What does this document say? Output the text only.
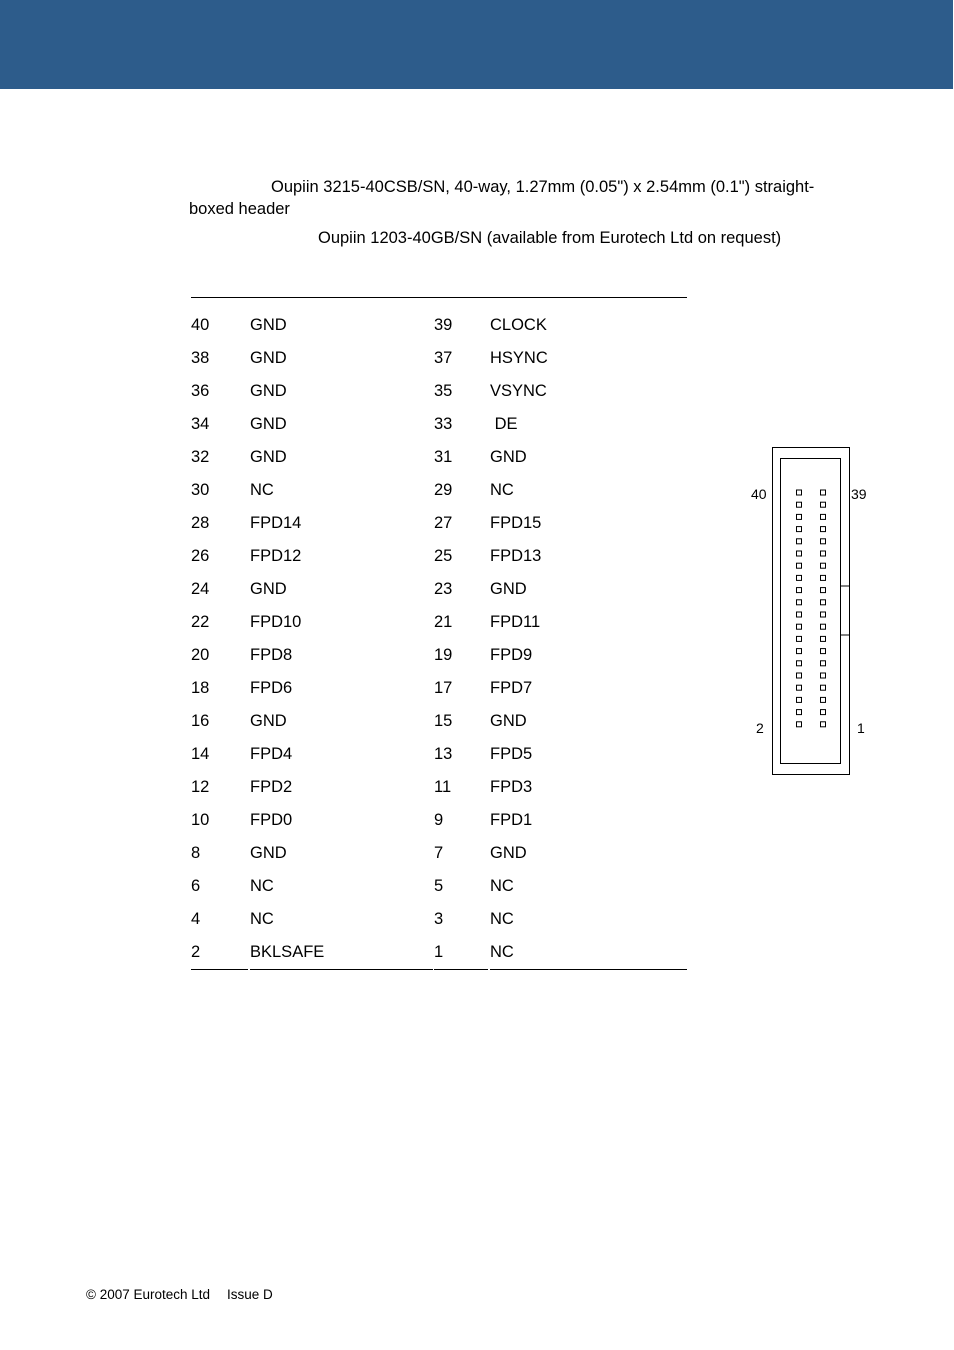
Oupiin 3215-40CSB/SN, 40-way, 1.27mm (0.05") x 2.54mm (0.1") straight-
boxed header
Oupiin 1203-40GB/SN (available from Eurotech Ltd on request)
40 GND	39 CLOCK
38 GND	37 HSYNC
36 GND	35 VSYNC
34 GND	33 DE
32 GND	31 GND
30 NC	29 NC
28 FPD14	27 FPD15
26 FPD12	25 FPD13
24 GND	23 GND
22 FPD10	21 FPD11
20 FPD8	19 FPD9
18 FPD6	17 FPD7
16 GND	15 GND
14 FPD4	13 FPD5
12 FPD2	11 FPD3
10 FPD0	9	FPD1
8	GND	7	GND
6	NC	5	NC
4	NC	3	NC
2	BKLSAFE	1	NC
40	39
2	1
© 2007 Eurotech Ltd Issue D
